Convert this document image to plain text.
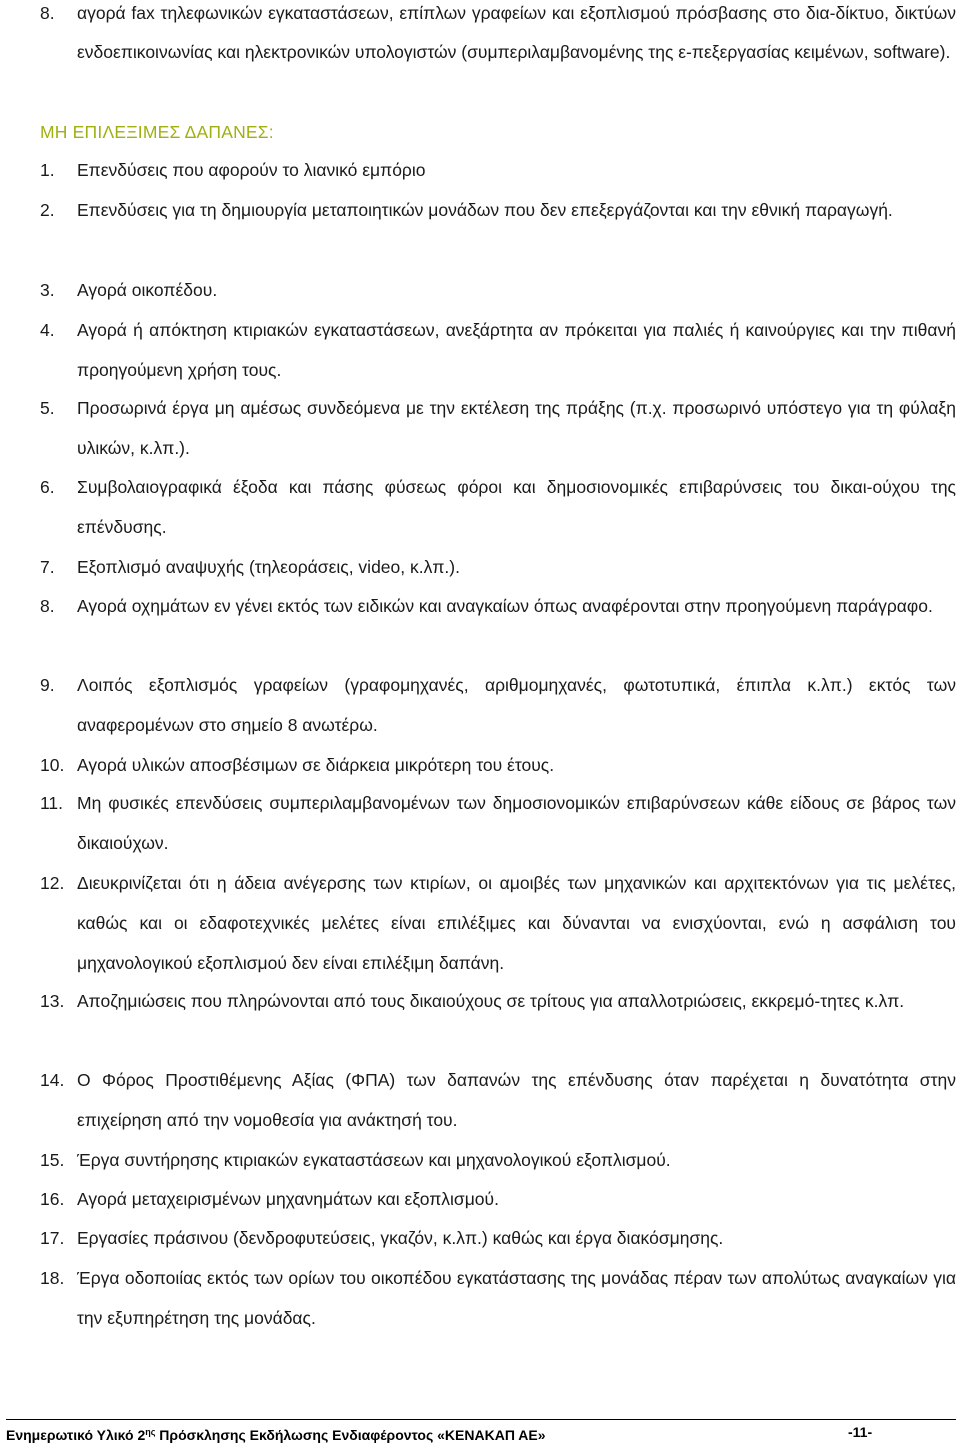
8.	αγορά fax τηλεφωνικών εγκαταστάσεων, επίπλων γραφείων και εξοπλισμού πρόσβασης στο δια-δίκτυο, δικτύων ενδοεπικοινωνίας και ηλεκτρονικών υπολογιστών (συμπεριλαμβανομένης της ε-πεξεργασίας κειμένων, software).
ΜΗ ΕΠΙΛΕΞΙΜΕΣ ΔΑΠΑΝΕΣ:
1.	Επενδύσεις που αφορούν το λιανικό εμπόριο
2.	Επενδύσεις για τη δημιουργία μεταποιητικών μονάδων που δεν επεξεργάζονται και την εθνική παραγωγή.
3.	Αγορά οικοπέδου.
4.	Αγορά ή απόκτηση κτιριακών εγκαταστάσεων, ανεξάρτητα αν πρόκειται για παλιές ή καινούργιες και την πιθανή προηγούμενη χρήση τους.
5.	Προσωρινά έργα μη αμέσως συνδεόμενα με την εκτέλεση της πράξης (π.χ. προσωρινό υπόστεγο για τη φύλαξη υλικών, κ.λπ.).
6.	Συμβολαιογραφικά έξοδα και πάσης φύσεως φόροι και δημοσιονομικές επιβαρύνσεις του δικαι-ούχου της επένδυσης.
7.	Εξοπλισμό αναψυχής (τηλεοράσεις, video, κ.λπ.).
8.	Αγορά οχημάτων εν γένει εκτός των ειδικών και αναγκαίων όπως αναφέρονται στην προηγούμενη παράγραφο.
9.	Λοιπός εξοπλισμός γραφείων (γραφομηχανές, αριθμομηχανές, φωτοτυπικά, έπιπλα κ.λπ.) εκτός των αναφερομένων στο σημείο 8 ανωτέρω.
10. Αγορά υλικών αποσβέσιμων σε διάρκεια μικρότερη του έτους.
11. Μη φυσικές επενδύσεις συμπεριλαμβανομένων των δημοσιονομικών επιβαρύνσεων κάθε είδους σε βάρος των δικαιούχων.
12. Διευκρινίζεται ότι η άδεια ανέγερσης των κτιρίων, οι αμοιβές των μηχανικών και αρχιτεκτόνων για τις μελέτες, καθώς και οι εδαφοτεχνικές μελέτες είναι επιλέξιμες και δύνανται να ενισχύονται, ενώ η ασφάλιση του μηχανολογικού εξοπλισμού δεν είναι επιλέξιμη δαπάνη.
13. Αποζημιώσεις που πληρώνονται από τους δικαιούχους σε τρίτους για απαλλοτριώσεις, εκκρεμό-τητες κ.λπ.
14. Ο Φόρος Προστιθέμενης Αξίας (ΦΠΑ) των δαπανών της επένδυσης όταν παρέχεται η δυνατότητα στην επιχείρηση από την νομοθεσία για ανάκτησή του.
15. Έργα συντήρησης κτιριακών εγκαταστάσεων και μηχανολογικού εξοπλισμού.
16. Αγορά μεταχειρισμένων μηχανημάτων και εξοπλισμού.
17. Εργασίες πράσινου (δενδροφυτεύσεις, γκαζόν, κ.λπ.) καθώς και έργα διακόσμησης.
18. Έργα οδοποιίας εκτός των ορίων του οικοπέδου εγκατάστασης της μονάδας πέραν των απολύτως αναγκαίων για την εξυπηρέτηση της μονάδας.
Ενημερωτικό Υλικό $2^{\eta\varsigma}$ Πρόσκλησης Εκδήλωσης Ενδιαφέροντος «ΚΕΝΑΚΑΠ ΑΕ»	-11-
